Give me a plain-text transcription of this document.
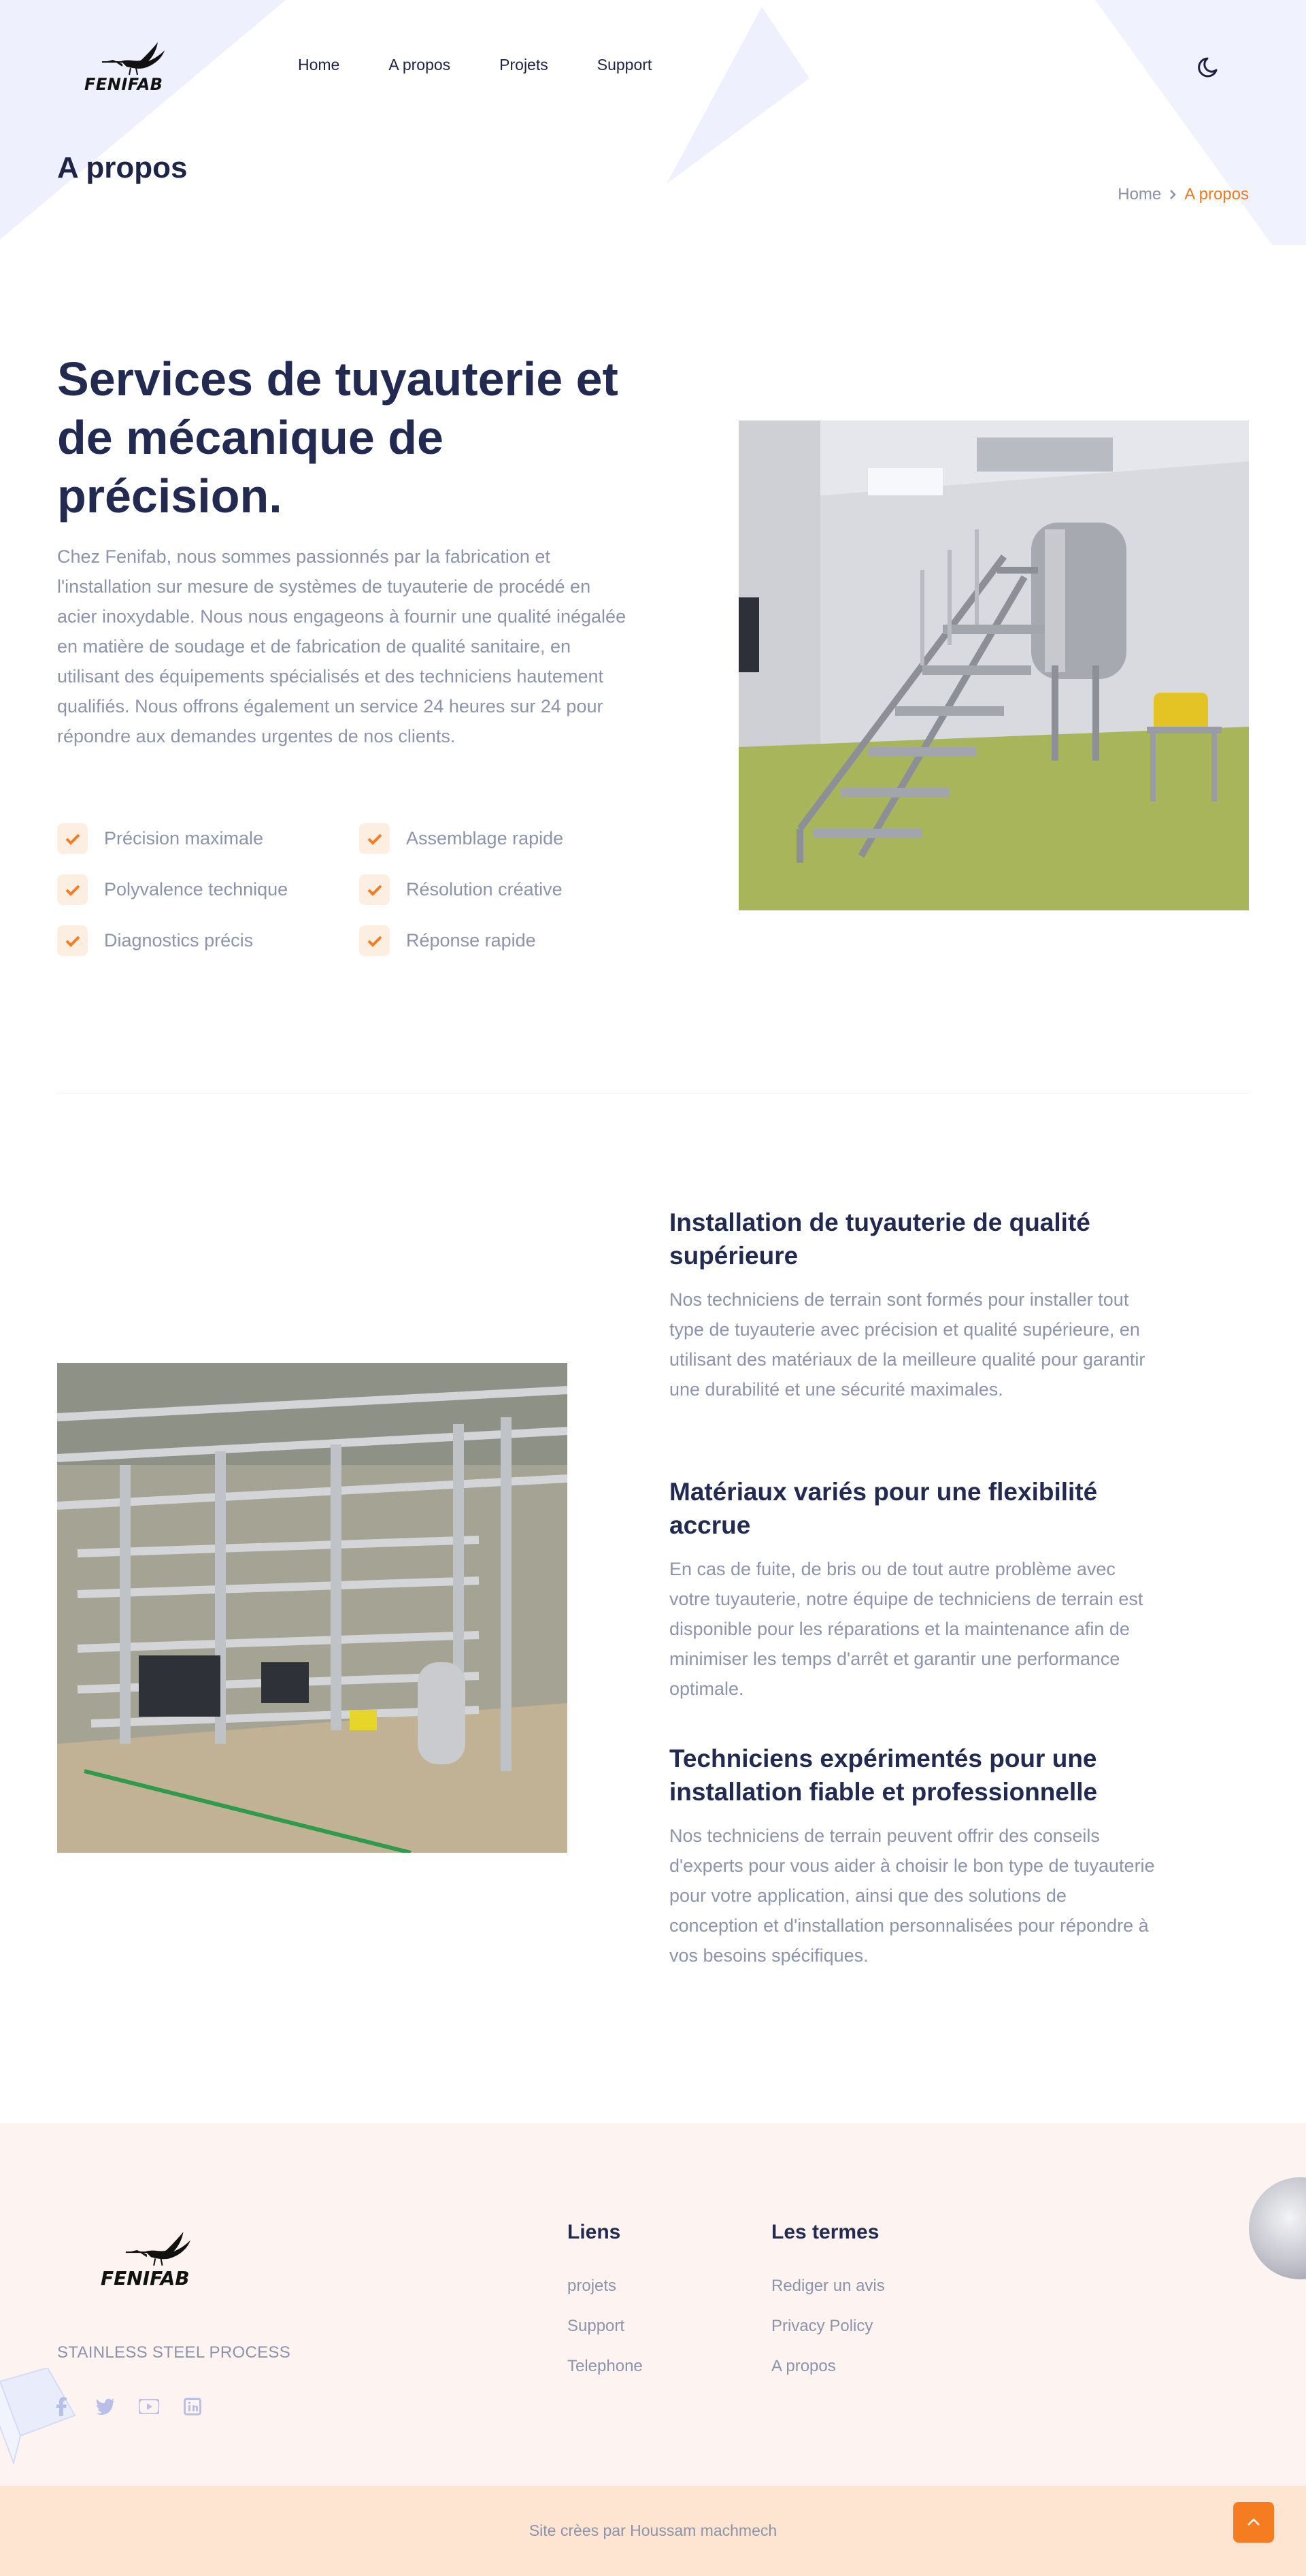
FENIFAB
Home	A propos	Projets	Support
A propos
Home A propos
Services de tuyauterie et de mécanique de précision.

Chez Fenifab, nous sommes passionnés par la fabrication et l'installation sur mesure de systèmes de tuyauterie de procédé en acier inoxydable. Nous nous engageons à fournir une qualité inégalée en matière de soudage et de fabrication de qualité sanitaire, en utilisant des équipements spécialisés et des techniciens hautement qualifiés. Nous offrons également un service 24 heures sur 24 pour répondre aux demandes urgentes de nos clients.

Précision maximale	Assemblage rapide
Polyvalence technique	Résolution créative
Diagnostics précis	Réponse rapide
Installation de tuyauterie de qualité supérieure

Nos techniciens de terrain sont formés pour installer tout type de tuyauterie avec précision et qualité supérieure, en utilisant des matériaux de la meilleure qualité pour garantir une durabilité et une sécurité maximales.

Matériaux variés pour une flexibilité accrue

En cas de fuite, de bris ou de tout autre problème avec votre tuyauterie, notre équipe de techniciens de terrain est disponible pour les réparations et la maintenance afin de minimiser les temps d'arrêt et garantir une performance optimale.

Techniciens expérimentés pour une installation fiable et professionnelle

Nos techniciens de terrain peuvent offrir des conseils d'experts pour vous aider à choisir le bon type de tuyauterie pour votre application, ainsi que des solutions de conception et d'installation personnalisées pour répondre à vos besoins spécifiques.

FENIFAB
STAINLESS STEEL PROCESS
Liens
projets
Support
Telephone
Les termes
Rediger un avis
Privacy Policy
A propos
Site crèes par Houssam machmech
